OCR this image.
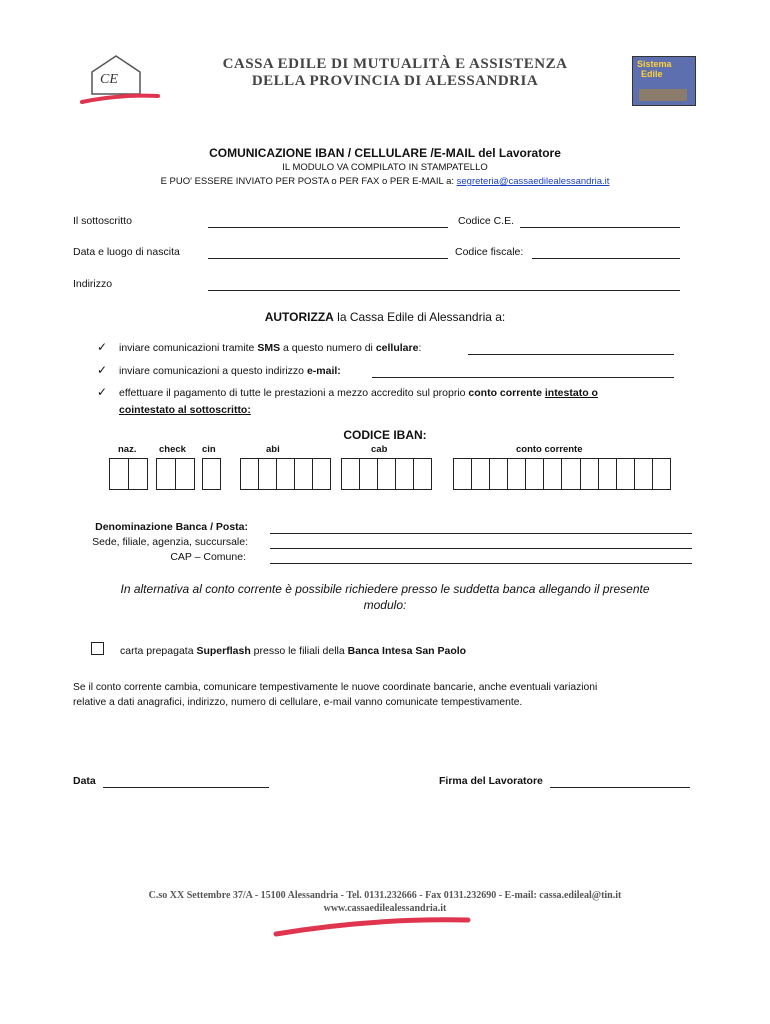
CE
CASSA EDILE DI MUTUALITÀ E ASSISTENZA
DELLA PROVINCIA DI ALESSANDRIA
Sistema
Edile
COMUNICAZIONE IBAN / CELLULARE /E-MAIL del Lavoratore
IL MODULO VA COMPILATO IN STAMPATELLO
E PUO' ESSERE INVIATO PER POSTA o PER FAX o PER E-MAIL a: segreteria@cassaedilealessandria.it
Il sottoscritto	Codice C.E.
Data e luogo di nascita	Codice fiscale:
Indirizzo
AUTORIZZA la Cassa Edile di Alessandria a:
✓ inviare comunicazioni tramite SMS a questo numero di cellulare:
✓ inviare comunicazioni a questo indirizzo e-mail:
✓ effettuare il pagamento di tutte le prestazioni a mezzo accredito sul proprio conto corrente intestato o
cointestato al sottoscritto:
CODICE IBAN:
naz. check cin	abi	cab	conto corrente
Denominazione Banca / Posta:
Sede, filiale, agenzia, succursale:
CAP – Comune:
In alternativa al conto corrente è possibile richiedere presso le suddetta banca allegando il presente
modulo:
carta prepagata Superflash presso le filiali della Banca Intesa San Paolo
Se il conto corrente cambia, comunicare tempestivamente le nuove coordinate bancarie, anche eventuali variazioni
relative a dati anagrafici, indirizzo, numero di cellulare, e-mail vanno comunicate tempestivamente.
Data	Firma del Lavoratore
C.so XX Settembre 37/A - 15100 Alessandria - Tel. 0131.232666 - Fax 0131.232690 - E-mail: cassa.edileal@tin.it
www.cassaedilealessandria.it
